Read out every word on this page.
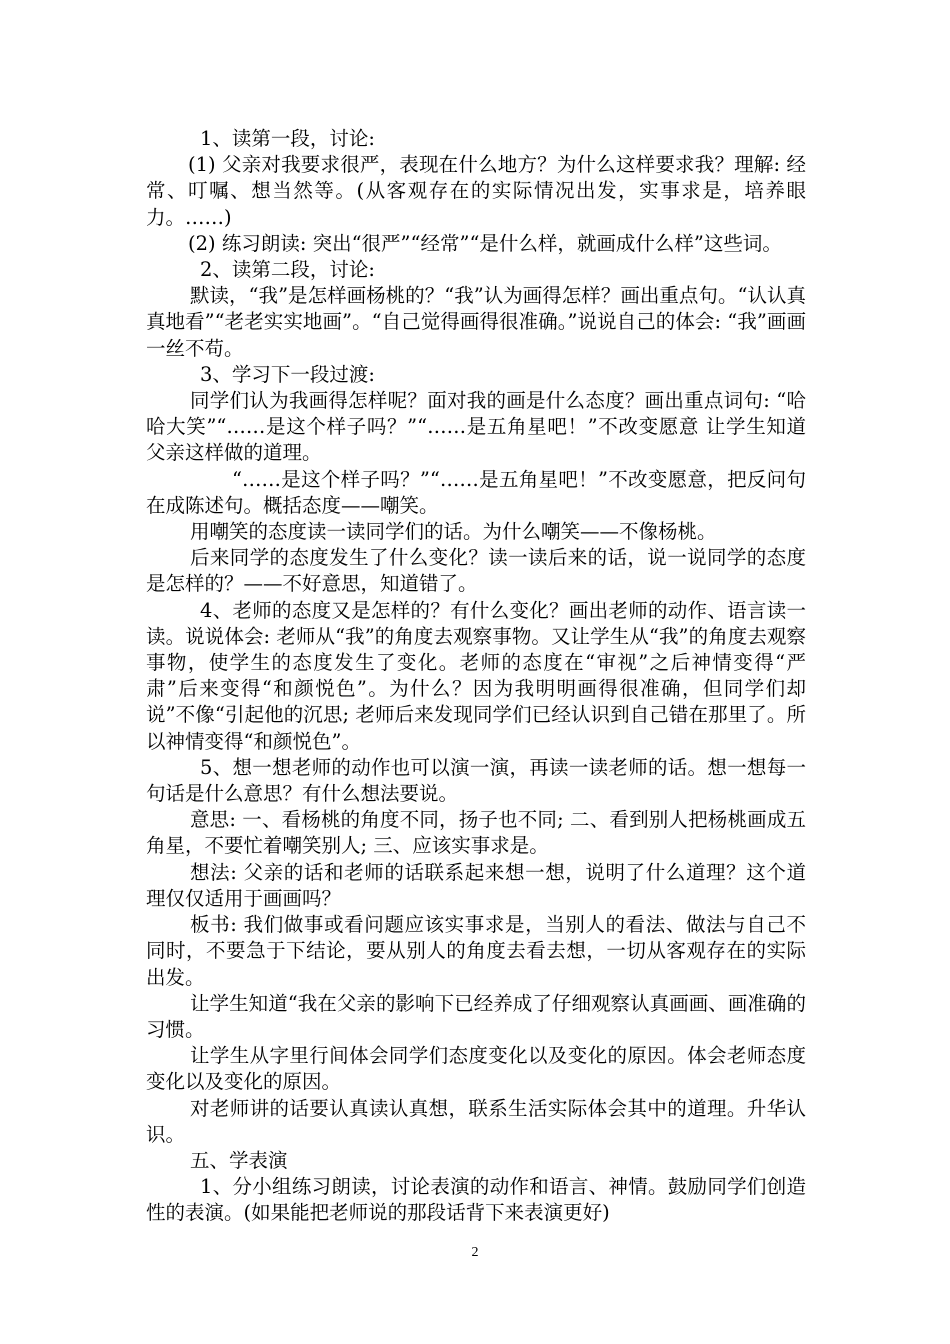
1、读第一段，讨论:

(1) 父亲对我要求很严，表现在什么地方？为什么这样要求我？理解: 经常、叮嘱、想当然等。(从客观存在的实际情况出发，实事求是，培养眼力。……)

(2) 练习朗读: 突出“很严”“经常”“是什么样，就画成什么样”这些词。

2、读第二段，讨论:

默读，“我”是怎样画杨桃的？“我”认为画得怎样？画出重点句。“认认真真地看”“老老实实地画”。“自己觉得画得很准确。”说说自己的体会: “我”画画一丝不苟。

3、学习下一段过渡:

同学们认为我画得怎样呢？面对我的画是什么态度？画出重点词句: “哈哈大笑”“……是这个样子吗？”“……是五角星吧！”不改变愿意 让学生知道父亲这样做的道理。

“……是这个样子吗？”“……是五角星吧！”不改变愿意，把反问句在成陈述句。概括态度——嘲笑。

用嘲笑的态度读一读同学们的话。为什么嘲笑——不像杨桃。

后来同学的态度发生了什么变化？读一读后来的话，说一说同学的态度是怎样的？——不好意思，知道错了。

4、老师的态度又是怎样的？有什么变化？画出老师的动作、语言读一读。说说体会: 老师从“我”的角度去观察事物。又让学生从“我”的角度去观察事物，使学生的态度发生了变化。老师的态度在“审视”之后神情变得“严肃”后来变得“和颜悦色”。为什么？因为我明明画得很准确，但同学们却说”不像“引起他的沉思; 老师后来发现同学们已经认识到自己错在那里了。所以神情变得“和颜悦色”。

5、想一想老师的动作也可以演一演，再读一读老师的话。想一想每一句话是什么意思？有什么想法要说。

意思: 一、看杨桃的角度不同，扬子也不同; 二、看到别人把杨桃画成五角星，不要忙着嘲笑别人; 三、应该实事求是。

想法: 父亲的话和老师的话联系起来想一想，说明了什么道理？这个道理仅仅适用于画画吗？

板书: 我们做事或看问题应该实事求是，当别人的看法、做法与自己不同时，不要急于下结论，要从别人的角度去看去想，一切从客观存在的实际出发。

让学生知道“我在父亲的影响下已经养成了仔细观察认真画画、画准确的习惯。

让学生从字里行间体会同学们态度变化以及变化的原因。体会老师态度变化以及变化的原因。

对老师讲的话要认真读认真想，联系生活实际体会其中的道理。升华认识。

五、学表演

1、分小组练习朗读，讨论表演的动作和语言、神情。鼓励同学们创造性的表演。(如果能把老师说的那段话背下来表演更好)

2
